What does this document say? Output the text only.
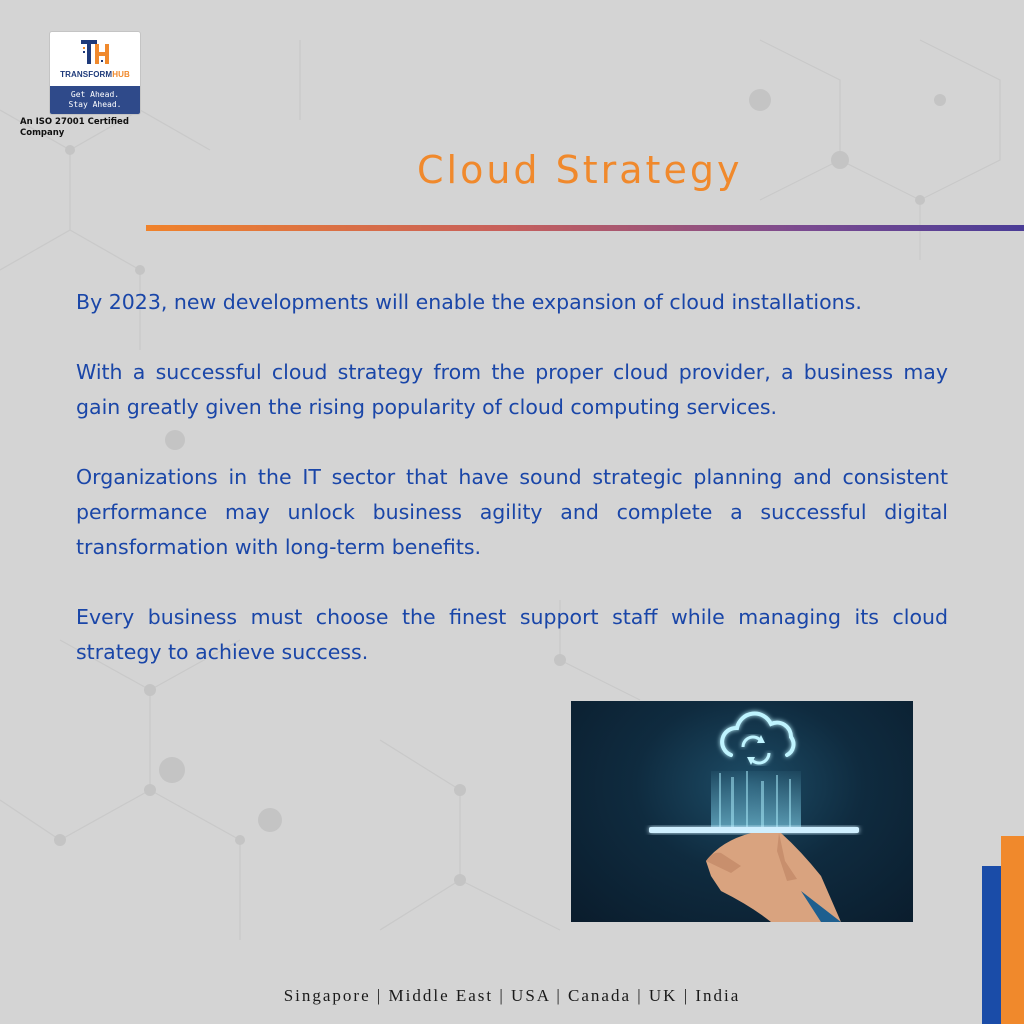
TRANSFORMHUB
Get Ahead.
Stay Ahead.
An ISO 27001 Certified Company
Cloud Strategy

By 2023, new developments will enable the expansion of cloud installations.

With a successful cloud strategy from the proper cloud provider, a business may gain greatly given the rising popularity of cloud computing services.

Organizations in the IT sector that have sound strategic planning and consistent performance may unlock business agility and complete a successful digital transformation with long-term benefits.

Every business must choose the finest support staff while managing its cloud strategy to achieve success.

Singapore | Middle East | USA | Canada | UK | India
